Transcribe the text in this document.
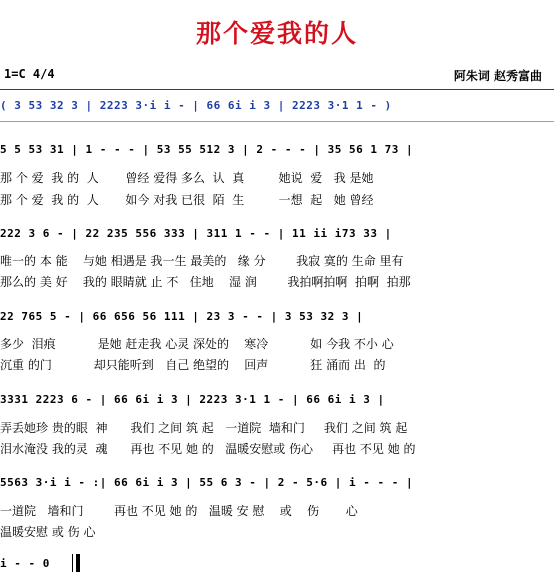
那个爱我的人
1=C 4/4	阿朱词 赵秀富曲
( 3 53 32 3 | 2223 3·i i - | 66 6i i 3 | 2223 3·1 1 - )
5 5 53 31 | 1 - - - | 53 55 512 3 | 2 - - - | 35 56 1 73 |
那 个 爱  我 的  人       曾经 爱得 多么  认  真         她说  爱   我 是她
那 个 爱  我 的  人       如今 对我 已很  陌  生         一想  起   她 曾经
222 3 6 - | 22 235 556 333 | 311 1 - - | 11 ii i73 33 |
唯一的 本 能    与她 相遇是 我一生 最美的   缘 分        我寂 寞的 生命 里有
那么的 美 好    我的 眼睛就 止 不   住地    湿 润        我拍啊拍啊  拍啊  拍那
22 765 5 - | 66 656 56 111 | 23 3 - - | 3 53 32 3 |
多少  泪痕           是她 赶走我 心灵 深处的    寒冷           如 今我 不小 心
沉重 的门           却只能听到   自己 绝望的    回声           狂 涌而 出  的
3331 2223 6 - | 66 6i i 3 | 2223 3·1 1 - | 66 6i i 3 |
弄丢她珍 贵的眼  神      我们 之间 筑 起   一道院  墙和门     我们 之间 筑 起
泪水淹没 我的灵  魂      再也 不见 她 的   温暖安慰或 伤心     再也 不见 她 的
5563 3·i i - :| 66 6i i 3 | 55 6 3 - | 2 - 5·6 | i - - - |
一道院   墙和门        再也 不见 她 的   温暖 安 慰    或    伤       心
温暖安慰 或 伤 心
i - - 0
